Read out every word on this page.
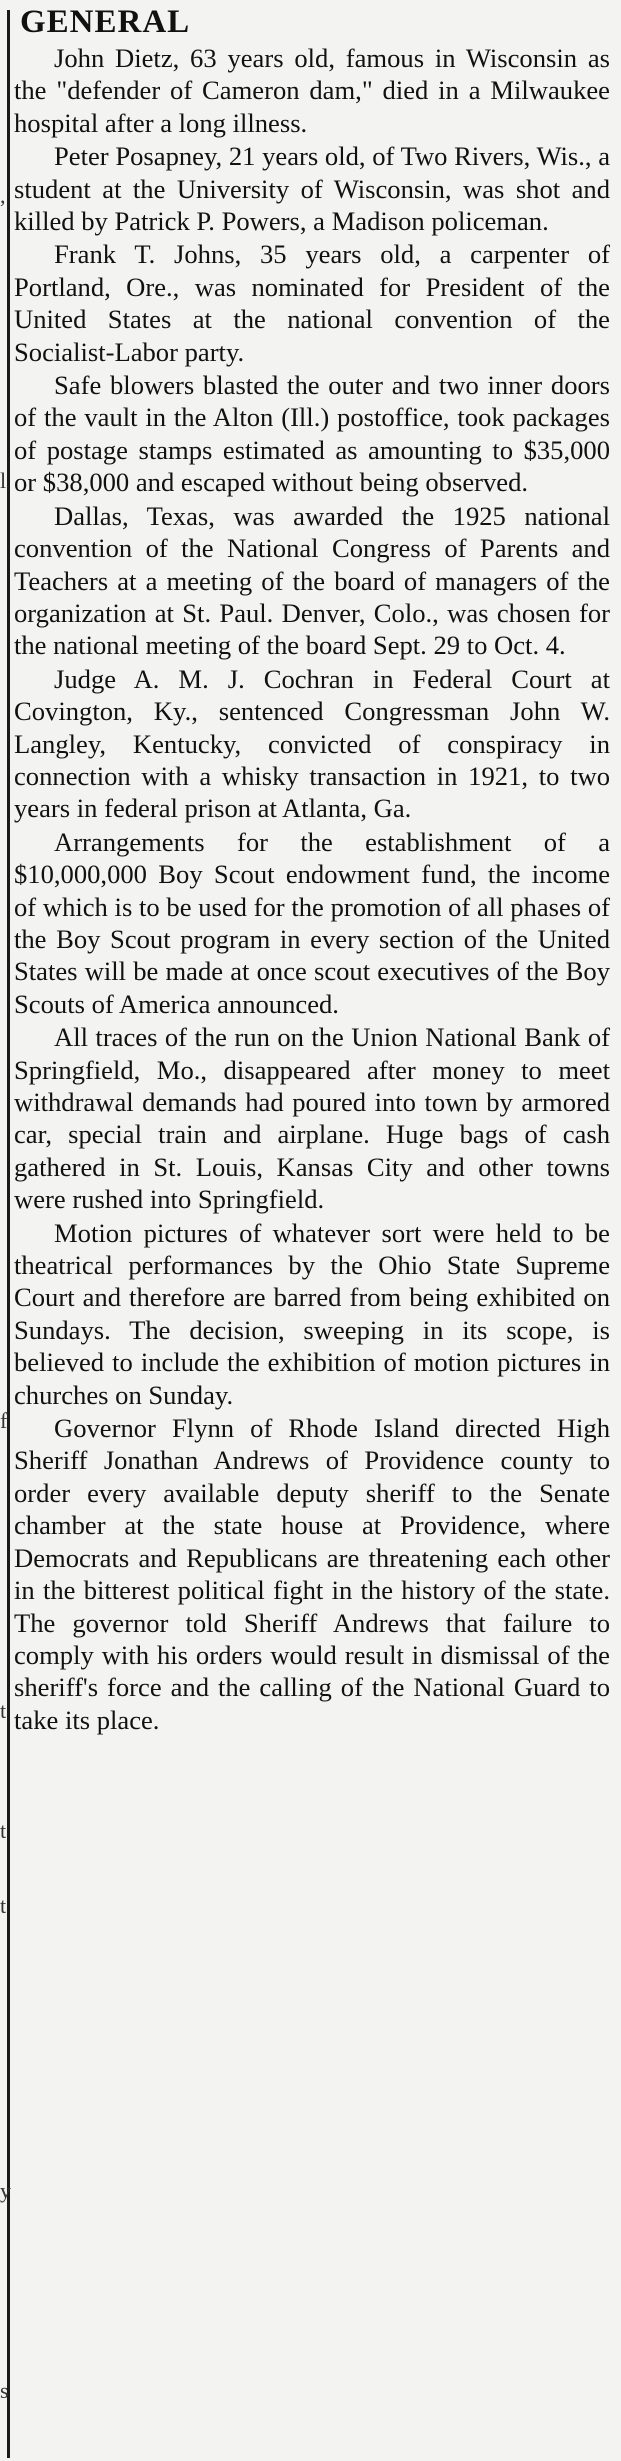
,
l
f
t
t
t
y
s
GENERAL

John Dietz, 63 years old, famous in Wisconsin as the "defender of Cameron dam," died in a Milwaukee hospital after a long illness.

Peter Posapney, 21 years old, of Two Rivers, Wis., a student at the University of Wisconsin, was shot and killed by Patrick P. Powers, a Madison policeman.

Frank T. Johns, 35 years old, a carpenter of Portland, Ore., was nominated for President of the United States at the national convention of the Socialist-Labor party.

Safe blowers blasted the outer and two inner doors of the vault in the Alton (Ill.) postoffice, took packages of postage stamps estimated as amounting to $35,000 or $38,000 and escaped without being observed.

Dallas, Texas, was awarded the 1925 national convention of the National Congress of Parents and Teachers at a meeting of the board of managers of the organization at St. Paul. Denver, Colo., was chosen for the national meeting of the board Sept. 29 to Oct. 4.

Judge A. M. J. Cochran in Federal Court at Covington, Ky., sentenced Congressman John W. Langley, Kentucky, convicted of conspiracy in connection with a whisky transaction in 1921, to two years in federal prison at Atlanta, Ga.

Arrangements for the establishment of a $10,000,000 Boy Scout endowment fund, the income of which is to be used for the promotion of all phases of the Boy Scout program in every section of the United States will be made at once scout executives of the Boy Scouts of America announced.

All traces of the run on the Union National Bank of Springfield, Mo., disappeared after money to meet withdrawal demands had poured into town by armored car, special train and airplane. Huge bags of cash gathered in St. Louis, Kansas City and other towns were rushed into Springfield.

Motion pictures of whatever sort were held to be theatrical performances by the Ohio State Supreme Court and therefore are barred from being exhibited on Sundays. The decision, sweeping in its scope, is believed to include the exhibition of motion pictures in churches on Sunday.

Governor Flynn of Rhode Island directed High Sheriff Jonathan Andrews of Providence county to order every available deputy sheriff to the Senate chamber at the state house at Providence, where Democrats and Republicans are threatening each other in the bitterest political fight in the history of the state. The governor told Sheriff Andrews that failure to comply with his orders would result in dismissal of the sheriff's force and the calling of the National Guard to take its place.
